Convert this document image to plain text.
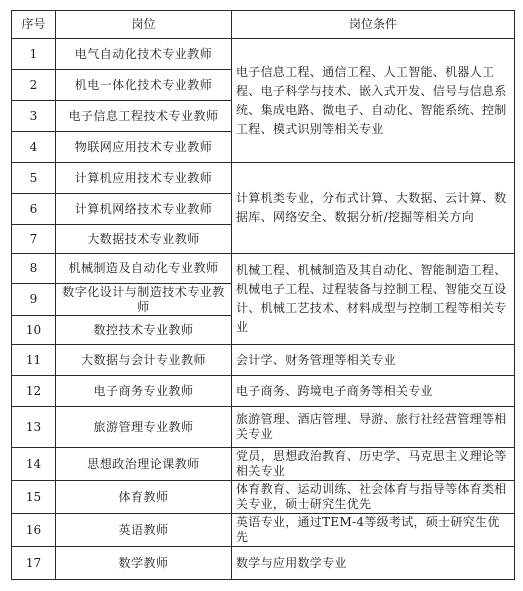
序号	岗位	岗位条件
1	电气自动化技术专业教师	电子信息工程、通信工程、人工智能、机器人工程、电子科学与技术、嵌入式开发、信号与信息系统、集成电路、微电子、自动化、智能系统、控制工程、模式识别等相关专业
2	机电一体化技术专业教师	
3	电子信息工程技术专业教师	
4	物联网应用技术专业教师	
5	计算机应用技术专业教师	计算机类专业，分布式计算、大数据、云计算、数据库、网络安全、数据分析/挖掘等相关方向
6	计算机网络技术专业教师	
7	大数据技术专业教师	
8	机械制造及自动化专业教师	机械工程、机械制造及其自动化、智能制造工程、机械电子工程、过程装备与控制工程、智能交互设计、机械工艺技术、材料成型与控制工程等相关专业
9	数字化设计与制造技术专业教师	
10	数控技术专业教师	
11	大数据与会计专业教师	会计学、财务管理等相关专业
12	电子商务专业教师	电子商务、跨境电子商务等相关专业
13	旅游管理专业教师	旅游管理、酒店管理、导游、旅行社经营管理等相关专业
14	思想政治理论课教师	党员，思想政治教育、历史学、马克思主义理论等相关专业
15	体育教师	体育教育、运动训练、社会体育与指导等体育类相关专业，硕士研究生优先
16	英语教师	英语专业，通过TEM-4等级考试，硕士研究生优先
17	数学教师	数学与应用数学专业
